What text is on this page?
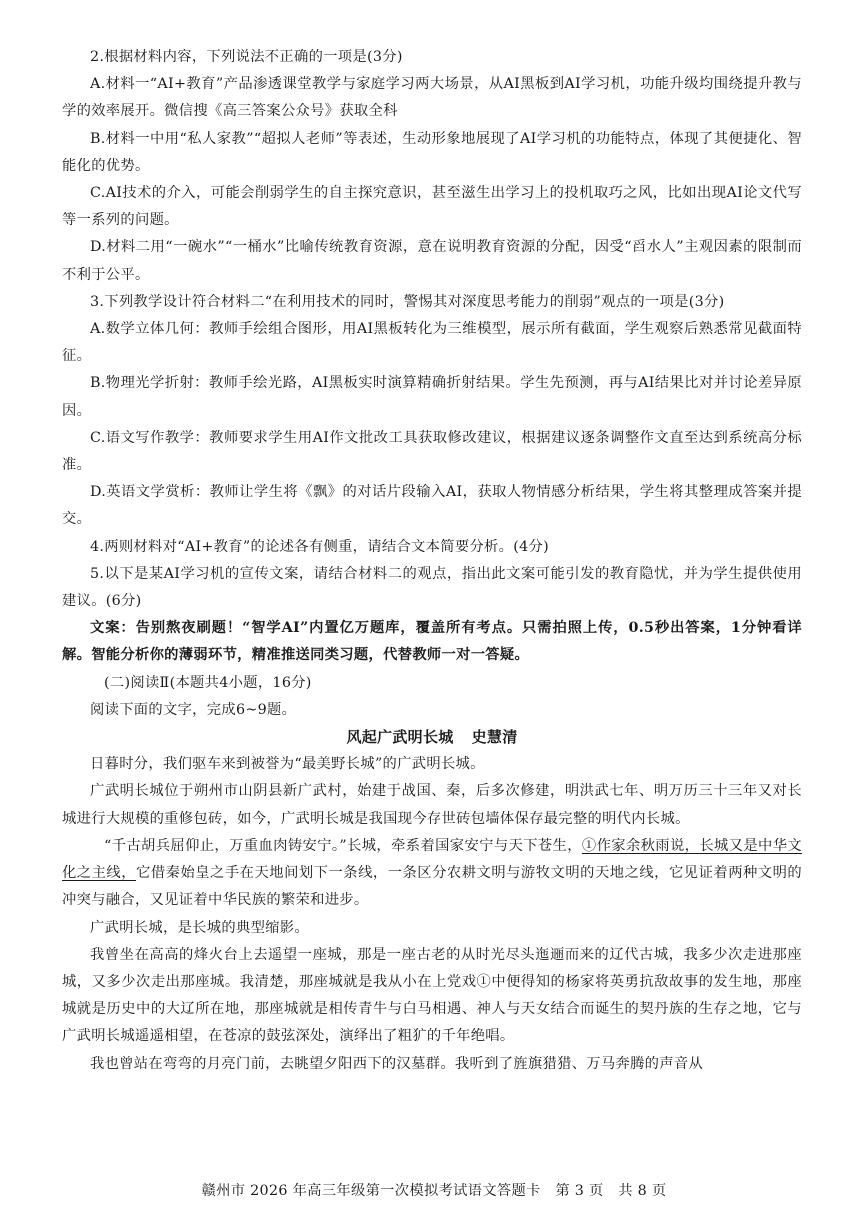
2.根据材料内容，下列说法不正确的一项是(3分)

A.材料一“AI+教育”产品渗透课堂教学与家庭学习两大场景，从AI黑板到AI学习机，功能升级均围绕提升教与学的效率展开。微信搜《高三答案公众号》获取全科

B.材料一中用“私人家教”“超拟人老师”等表述，生动形象地展现了AI学习机的功能特点，体现了其便捷化、智能化的优势。

C.AI技术的介入，可能会削弱学生的自主探究意识，甚至滋生出学习上的投机取巧之风，比如出现AI论文代写等一系列的问题。

D.材料二用“一碗水”“一桶水”比喻传统教育资源，意在说明教育资源的分配，因受“舀水人”主观因素的限制而不利于公平。

3.下列教学设计符合材料二“在利用技术的同时，警惕其对深度思考能力的削弱”观点的一项是(3分)

A.数学立体几何：教师手绘组合图形，用AI黑板转化为三维模型，展示所有截面，学生观察后熟悉常见截面特征。

B.物理光学折射：教师手绘光路，AI黑板实时演算精确折射结果。学生先预测，再与AI结果比对并讨论差异原因。

C.语文写作教学：教师要求学生用AI作文批改工具获取修改建议，根据建议逐条调整作文直至达到系统高分标准。

D.英语文学赏析：教师让学生将《飘》的对话片段输入AI，获取人物情感分析结果，学生将其整理成答案并提交。

4.两则材料对“AI+教育”的论述各有侧重，请结合文本简要分析。(4分)

5.以下是某AI学习机的宣传文案，请结合材料二的观点，指出此文案可能引发的教育隐忧，并为学生提供使用建议。(6分)

文案：告别熬夜刷题！“智学AI”内置亿万题库，覆盖所有考点。只需拍照上传，0.5秒出答案，1分钟看详解。智能分析你的薄弱环节，精准推送同类习题，代替教师一对一答疑。

(二)阅读Ⅱ(本题共4小题，16分)

阅读下面的文字，完成6~9题。

风起广武明长城 史慧清

日暮时分，我们驱车来到被誉为“最美野长城”的广武明长城。

广武明长城位于朔州市山阴县新广武村，始建于战国、秦，后多次修建，明洪武七年、明万历三十三年又对长城进行大规模的重修包砖，如今，广武明长城是我国现今存世砖包墙体保存最完整的明代内长城。

“千古胡兵屈仰止，万重血肉铸安宁。”长城，牵系着国家安宁与天下苍生，①作家余秋雨说，长城又是中华文化之主线，它借秦始皇之手在天地间划下一条线，一条区分农耕文明与游牧文明的天地之线，它见证着两种文明的冲突与融合，又见证着中华民族的繁荣和进步。

广武明长城，是长城的典型缩影。

我曾坐在高高的烽火台上去遥望一座城，那是一座古老的从时光尽头迤逦而来的辽代古城，我多少次走进那座城，又多少次走出那座城。我清楚，那座城就是我从小在上党戏①中便得知的杨家将英勇抗敌故事的发生地，那座城就是历史中的大辽所在地，那座城就是相传青牛与白马相遇、神人与天女结合而诞生的契丹族的生存之地，它与广武明长城遥遥相望，在苍凉的鼓弦深处，演绎出了粗犷的千年绝唱。

我也曾站在弯弯的月亮门前，去眺望夕阳西下的汉墓群。我听到了旌旗猎猎、万马奔腾的声音从

赣州市 2026 年高三年级第一次模拟考试语文答题卡　第 3 页　共 8 页
